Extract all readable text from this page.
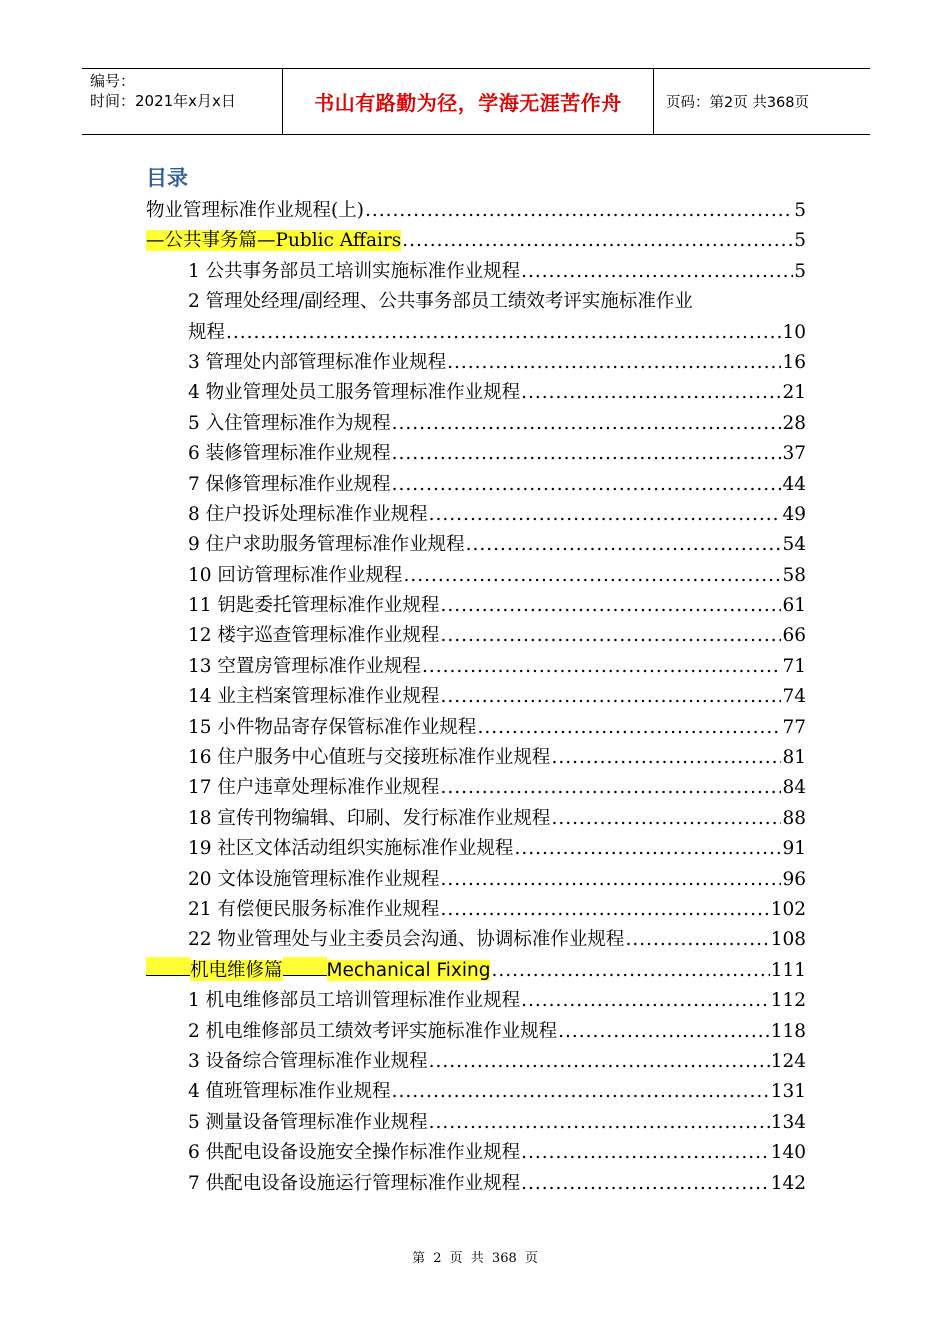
编号：
时间：2021年x月x日	书山有路勤为径，学海无涯苦作舟	页码：第2页 共368页
目录
物业管理标准作业规程(上) .....	5
—公共事务篇—Public Affairs .....	5
1 公共事务部员工培训实施标准作业规程 .....	5
2 管理处经理/副经理、公共事务部员工绩效考评实施标准作业
规程 .....	10
3 管理处内部管理标准作业规程 .....	16
4 物业管理处员工服务管理标准作业规程 .....	21
5 入住管理标准作为规程 .....	28
6 装修管理标准作业规程 .....	37
7 保修管理标准作业规程 .....	44
8 住户投诉处理标准作业规程 .....	49
9 住户求助服务管理标准作业规程 .....	54
10 回访管理标准作业规程 .....	58
11 钥匙委托管理标准作业规程 .....	61
12 楼宇巡查管理标准作业规程 .....	66
13 空置房管理标准作业规程 .....	71
14 业主档案管理标准作业规程 .....	74
15 小件物品寄存保管标准作业规程 .....	77
16 住户服务中心值班与交接班标准作业规程 .....	81
17 住户违章处理标准作业规程 .....	84
18 宣传刊物编辑、印刷、发行标准作业规程 .....	88
19 社区文体活动组织实施标准作业规程 .....	91
20 文体设施管理标准作业规程 .....	96
21 有偿便民服务标准作业规程 .....	102
22 物业管理处与业主委员会沟通、协调标准作业规程 .....	108
机电维修篇 Mechanical Fixing .....	111
1 机电维修部员工培训管理标准作业规程 .....	112
2 机电维修部员工绩效考评实施标准作业规程 .....	118
3 设备综合管理标准作业规程 .....	124
4 值班管理标准作业规程 .....	131
5 测量设备管理标准作业规程 .....	134
6 供配电设备设施安全操作标准作业规程 .....	140
7 供配电设备设施运行管理标准作业规程 .....	142
第 2 页 共 368 页
